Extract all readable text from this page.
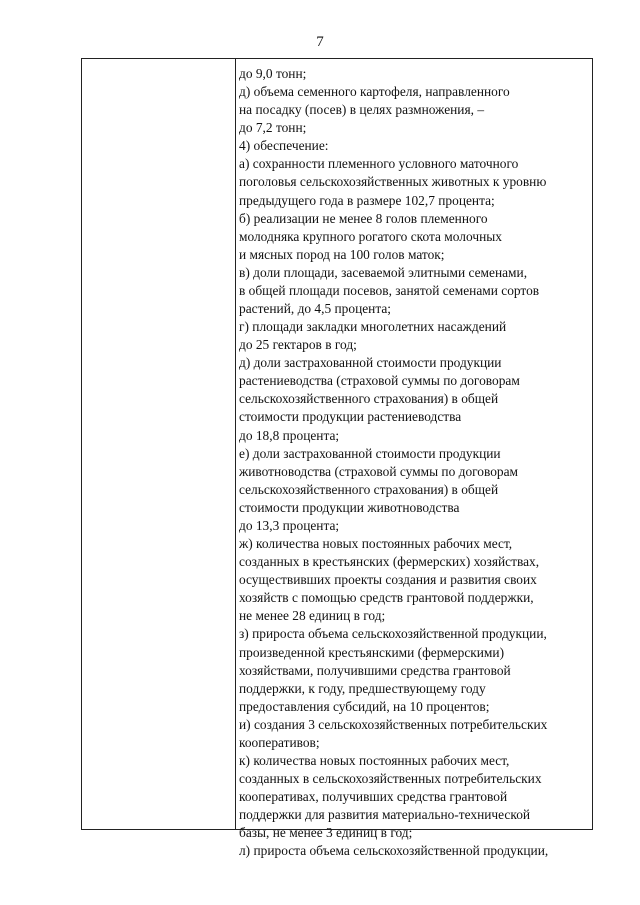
7
до 9,0 тонн;
д) объема семенного картофеля, направленного
на посадку (посев) в целях размножения, –
до 7,2 тонн;
4) обеспечение:
а) сохранности племенного условного маточного
поголовья сельскохозяйственных животных к уровню
предыдущего года в размере 102,7 процента;
б) реализации не менее 8 голов племенного
молодняка крупного рогатого скота молочных
и мясных пород на 100 голов маток;
в) доли площади, засеваемой элитными семенами,
в общей площади посевов, занятой семенами сортов
растений, до 4,5 процента;
г) площади закладки многолетних насаждений
до 25 гектаров в год;
д) доли застрахованной стоимости продукции
растениеводства (страховой суммы по договорам
сельскохозяйственного страхования) в общей
стоимости продукции растениеводства
до 18,8 процента;
е) доли застрахованной стоимости продукции
животноводства (страховой суммы по договорам
сельскохозяйственного страхования) в общей
стоимости продукции животноводства
до 13,3 процента;
ж) количества новых постоянных рабочих мест,
созданных в крестьянских (фермерских) хозяйствах,
осуществивших проекты создания и развития своих
хозяйств с помощью средств грантовой поддержки,
не менее 28 единиц в год;
з) прироста объема сельскохозяйственной продукции,
произведенной крестьянскими (фермерскими)
хозяйствами, получившими средства грантовой
поддержки, к году, предшествующему году
предоставления субсидий, на 10 процентов;
и) создания 3 сельскохозяйственных потребительских
кооперативов;
к) количества новых постоянных рабочих мест,
созданных в сельскохозяйственных потребительских
кооперативах, получивших средства грантовой
поддержки для развития материально-технической
базы, не менее 3 единиц в год;
л) прироста объема сельскохозяйственной продукции,
